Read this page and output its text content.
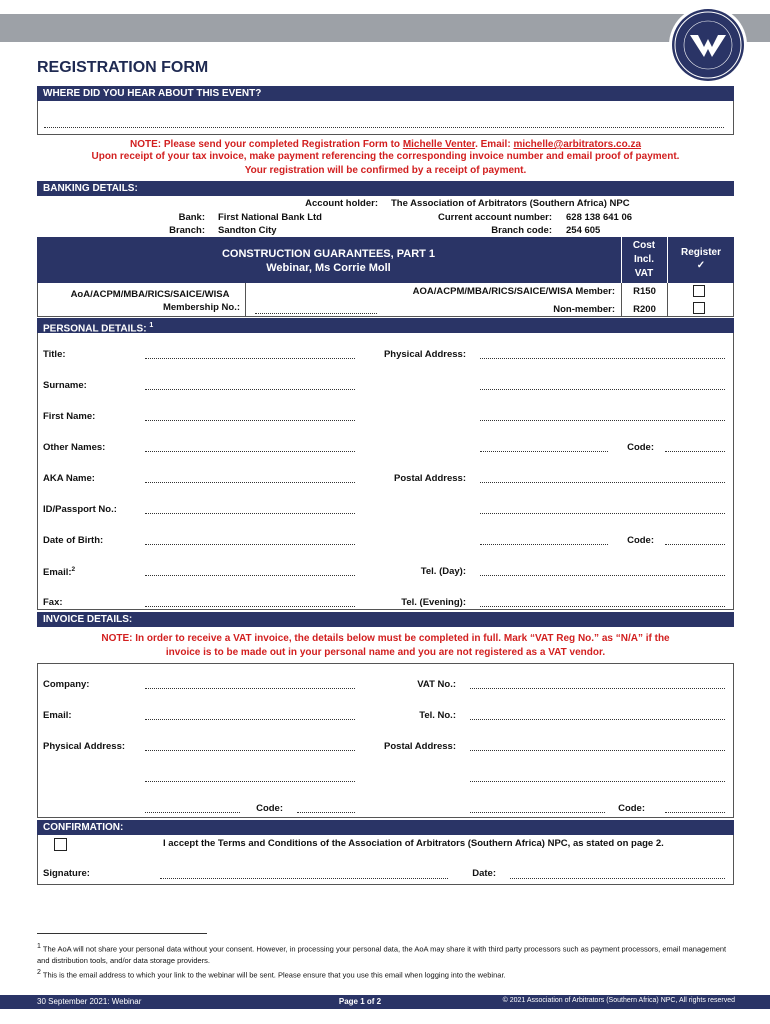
REGISTRATION FORM
WHERE DID YOU HEAR ABOUT THIS EVENT?
NOTE: Please send your completed Registration Form to Michelle Venter. Email: michelle@arbitrators.co.za
Upon receipt of your tax invoice, make payment referencing the corresponding invoice number and email proof of payment.
Your registration will be confirmed by a receipt of payment.
BANKING DETAILS:
Account holder: The Association of Arbitrators (Southern Africa) NPC
Bank: First National Bank Ltd	Current account number: 628 138 641 06
Branch: Sandton City	Branch code: 254 605
CONSTRUCTION GUARANTEES, PART 1
Webinar, Ms Corrie Moll
Cost
Incl.
VAT
Register
✓
AoA/ACPM/MBA/RICS/SAICE/WISA
Membership No.:
AOA/ACPM/MBA/RICS/SAICE/WISA Member:	R150
Non-member:	R200
PERSONAL DETAILS: $^1$
Title:
Surname:
First Name:
Other Names:
AKA Name:
ID/Passport No.:
Date of Birth:
Email:$^2$
Fax:
Physical Address:
Code:
Postal Address:
Code:
Tel. (Day):
Tel. (Evening):
INVOICE DETAILS:
NOTE: In order to receive a VAT invoice, the details below must be completed in full. Mark “VAT Reg No.” as “N/A” if the
invoice is to be made out in your personal name and you are not registered as a VAT vendor.
Company:	VAT No.:
Email:	Tel. No.:
Physical Address:
Code:
Postal Address:
Code:
CONFIRMATION:
I accept the Terms and Conditions of the Association of Arbitrators (Southern Africa) NPC, as stated on page 2.
Signature:	Date:
$^1$ The AoA will not share your personal data without your consent. However, in processing your personal data, the AoA may share it with third party processors such as payment processors, email management and distribution tools, and/or data storage providers.
$^2$ This is the email address to which your link to the webinar will be sent. Please ensure that you use this email when logging into the webinar.
30 September 2021: Webinar	Page 1 of 2	© 2021 Association of Arbitrators (Southern Africa) NPC, All rights reserved
